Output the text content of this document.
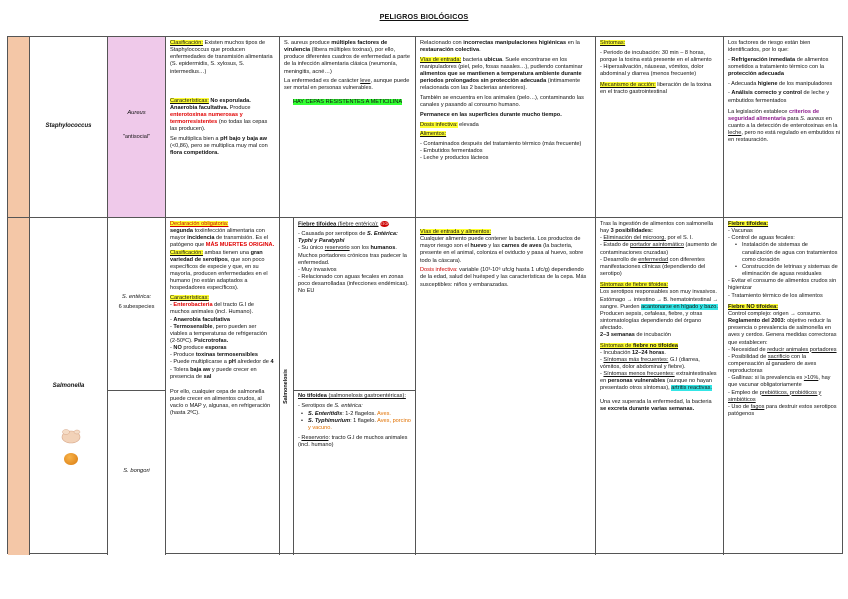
PELIGROS BIOLÓGICOS
Staphylococcus

Aureus

"antisocial"

Clasificación: Existen muchos tipos de Staphylococcus que producen enfermedades de transmisión alimentaria (S. epidermidis, S. xylosus, S. intermedius…)

Características: No esporulada. Anaerobia facultativa. Produce enterotoxinas numerosas y termorresistentes (no todas las cepas las producen).

Se multiplica bien a pH bajo y baja aw (<0,86), pero se multiplica muy mal con flora competidora.

S. aureus produce múltiples factores de virulencia (libera múltiples toxinas), por ello, produce diferentes cuadros de enfermedad a parte de la infección alimentaria clásica (neumonía, meningitis, acné…)

La enfermedad es de carácter leve, aunque puede ser mortal en personas vulnerables.

HAY CEPAS RESISTENTES A METICILINA

Relacionado con incorrectas manipulaciones higiénicas en la restauración colectiva.

Vías de entrada: bacteria ubicua. Suele encontrarse en los manipuladores (piel, pelo, fosas nasales…), pudiendo contaminar alimentos que se mantienen a temperatura ambiente durante periodos prolongados sin protección adecuada (intimamente relacionada con las 2 bacterias anteriores).

También se encuentra en los animales (pelo…), contaminando las canales y pasando al consumo humano.

Permanece en las superficies durante mucho tiempo.

Dosis infectiva: elevada

Alimentos:

- Contaminados después del tratamiento térmico (más frecuente)
- Embutidos fermentados
- Leche y productos lácteos

Síntomas:

- Periodo de incubación: 30 min – 8 horas, porque la toxina está presente en el alimento
- Hipersalivación, náuseas, vómitos, dolor abdominal y diarrea (menos frecuente)

Mecanismo de acción: liberación de la toxina en el tracto gastrointestinal

Los factores de riesgo están bien identificados, por lo que:

- Refrigeración inmediata de alimentos sometidos a tratamiento térmico con la protección adecuada

- Adecuada higiene de los manipuladores

- Análisis correcto y control de leche y embutidos fermentados

La legislación establece criterios de seguridad alimentaria para S. aureus en cuanto a la detección de enterotoxinas en la leche, pero no está regulado en embutidos ni en restauración.

Salmonella

S. entérica:

6 subespecies

S. bongori

Declaración obligatoria:
segunda toxiinfección alimentaria con mayor incidencia de transmisión. Es el patógeno que MÁS MUERTES ORIGINA.
Clasificación: ambas tienen una gran variedad de serotipos, que son poco específicos de especie y que, en su mayoría, producen enfermedades en el humano (no están adaptados a hospedadores específicos).

Características:

- Enterobacteria del tracto G.I de muchos animales (incl. Humano).
- Anaerobia facultativa
- Termosensible, pero pueden ser viables a temperaturas de refrigeración (2-50ºC). Psicrotrofas.
- NO produce esporas
- Produce toxinas termosensibles
- Puede multiplicarse a pH alrededor de 4
- Tolera baja aw y puede crecer en presencia de sal

Por ello, cualquier cepa de salmonella puede crecer en alimentos crudos, al vacío o MAP y, algunas, en refrigeración (hasta 2ºC).

Salmonelosis

Fiebre tifoidea (fiebre entérica): STOP

- Causada por serotipos de S. Entérica: Typhi y Paratyphi
- Su único reservorio son los humanos. Muchos portadores crónicos tras padecer la enfermedad.
- Muy invasivos
- Relacionado con aguas fecales en zonas poco desarrolladas (infecciones endémicas). No EU

No tifoidea (salmonelosis gastroentéricas):

- Serotipos de S. entérica:

• S. Enteritidis: 1-2 flagelos. Aves.
• S. Typhimurium: 1 flagelo. Aves, porcino y vacuno.

- Reservorio: tracto G.I de muchos animales (incl. humano)

Vías de entrada y alimentos:
Cualquier alimento puede contener la bacteria. Los productos de mayor riesgo son el huevo y las carnes de aves (la bacteria, presente en el animal, coloniza el oviducto y pasa al huevo, sobre todo la cáscara).

Dosis infectiva: variable (10³-10⁶ ufc/g hasta 1 ufc/g) dependiendo de la edad, salud del huésped y las características de la cepa. Más susceptibles: niños y embarazadas.

Tras la ingestión de alimentos con salmonella hay 3 posibilidades:

- Eliminación del microorg. por el S. I.
- Estado de portador asintomático (aumento de contaminaciones cruzadas)
- Desarrollo de enfermedad con diferentes manifestaciones clínicas (dependiendo del serotipo)

Síntomas de fiebre tifoidea:

Los serotipos responsables son muy invasivos.

Estómago → intestino → B. hematointestinal → sangre. Pueden acantonarse en hígado y bazo. Producen sepsis, cefaleas, fiebre, y otras sintomatologías dependiendo del órgano afectado.
2–3 semanas de incubación

Síntomas de fiebre no tifoidea

- Incubación 12–24 horas.
- Síntomas más frecuentes: G.I (diarrea, vómitos, dolor abdominal y fiebre).
- Síntomas menos frecuentes: extraintestinales en personas vulnerables (aunque no hayan presentado otros síntomas), artritis reactivas.

Una vez superada la enfermedad, la bacteria se excreta durante varias semanas.

Fiebre tifoidea:

- Vacunas
- Control de aguas fecales:
• Instalación de sistemas de canalización de agua con tratamientos como cloración
• Construcción de letrinas y sistemas de eliminación de aguas residuales
- Evitar el consumo de alimentos crudos sin higienizar
- Tratamiento térmico de los alimentos

Fiebre NO tifoidea:

Control complejo: origen → consumo.

Reglamento del 2003: objetivo reducir la presencia o prevalencia de salmonella en aves y cerdos. Genera medidas correctoras que establecen:

- Necesidad de reducir animales portadores
- Posibilidad de sacrificio con la compensación al ganadero de aves reproductoras
- Gallinas: si la prevalencia es >10%, hay que vacunar obligatoriamente
- Empleo de prebióticos, probióticos y simbióticos
- Uso de fagos para destruir estos serotipos patógenos
